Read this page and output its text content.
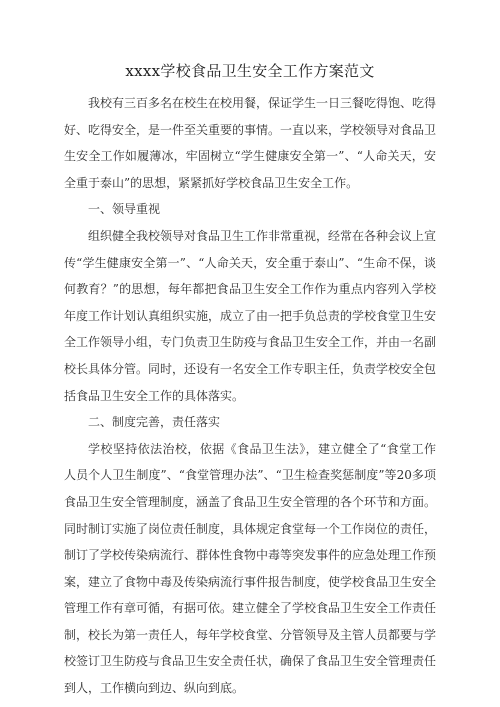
xxxx学校食品卫生安全工作方案范文

我校有三百多名在校生在校用餐，保证学生一日三餐吃得饱、吃得好、吃得安全，是一件至关重要的事情。一直以来，学校领导对食品卫生安全工作如履薄冰，牢固树立“学生健康安全第一”、“人命关天，安全重于泰山”的思想，紧紧抓好学校食品卫生安全工作。

一、领导重视

组织健全我校领导对食品卫生工作非常重视，经常在各种会议上宣传“学生健康安全第一”、“人命关天，安全重于泰山”、“生命不保，谈何教育？”的思想，每年都把食品卫生安全工作作为重点内容列入学校年度工作计划认真组织实施，成立了由一把手负总责的学校食堂卫生安全工作领导小组，专门负责卫生防疫与食品卫生安全工作，并由一名副校长具体分管。同时，还设有一名安全工作专职主任，负责学校安全包括食品卫生安全工作的具体落实。

二、制度完善，责任落实

学校坚持依法治校，依据《食品卫生法》，建立健全了“食堂工作人员个人卫生制度”、“食堂管理办法”、“卫生检查奖惩制度”等20多项食品卫生安全管理制度，涵盖了食品卫生安全管理的各个环节和方面。同时制订实施了岗位责任制度，具体规定食堂每一个工作岗位的责任，制订了学校传染病流行、群体性食物中毒等突发事件的应急处理工作预案，建立了食物中毒及传染病流行事件报告制度，使学校食品卫生安全管理工作有章可循，有据可依。建立健全了学校食品卫生安全工作责任制，校长为第一责任人，每年学校食堂、分管领导及主管人员都要与学校签订卫生防疫与食品卫生安全责任状，确保了食品卫生安全管理责任到人，工作横向到边、纵向到底。
